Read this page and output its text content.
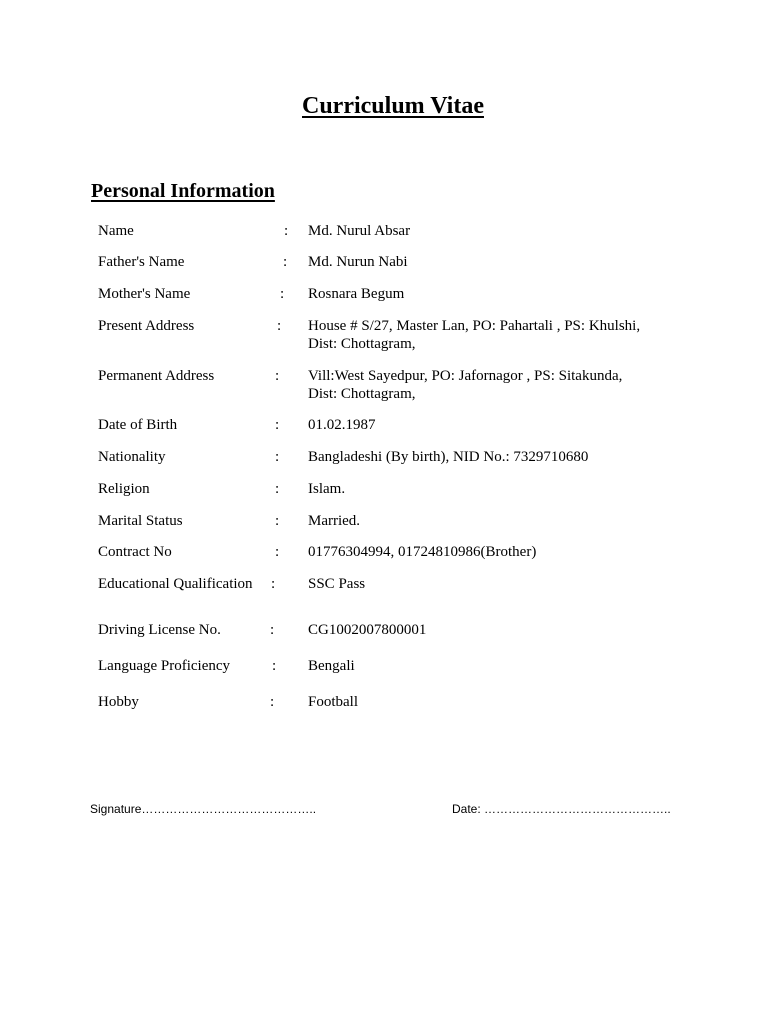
Curriculum Vitae
Personal Information
Name	: Md. Nurul Absar
Father's Name	: Md. Nurun Nabi
Mother's Name	: Rosnara Begum
Present Address	: House # S/27, Master Lan, PO: Pahartali , PS: Khulshi,
Dist: Chottagram,
Permanent Address	: Vill:West Sayedpur, PO: Jafornagor , PS: Sitakunda,
Dist: Chottagram,
Date of Birth	: 01.02.1987
Nationality	: Bangladeshi (By birth), NID No.: 7329710680
Religion	: Islam.
Marital Status	: Married.
Contract No	: 01776304994, 01724810986(Brother)
Educational Qualification : SSC Pass
Driving License No.	: CG1002007800001
Language Proficiency	: Bengali
Hobby	: Football
Signature……………………………………..	Date: ………………………………………..
